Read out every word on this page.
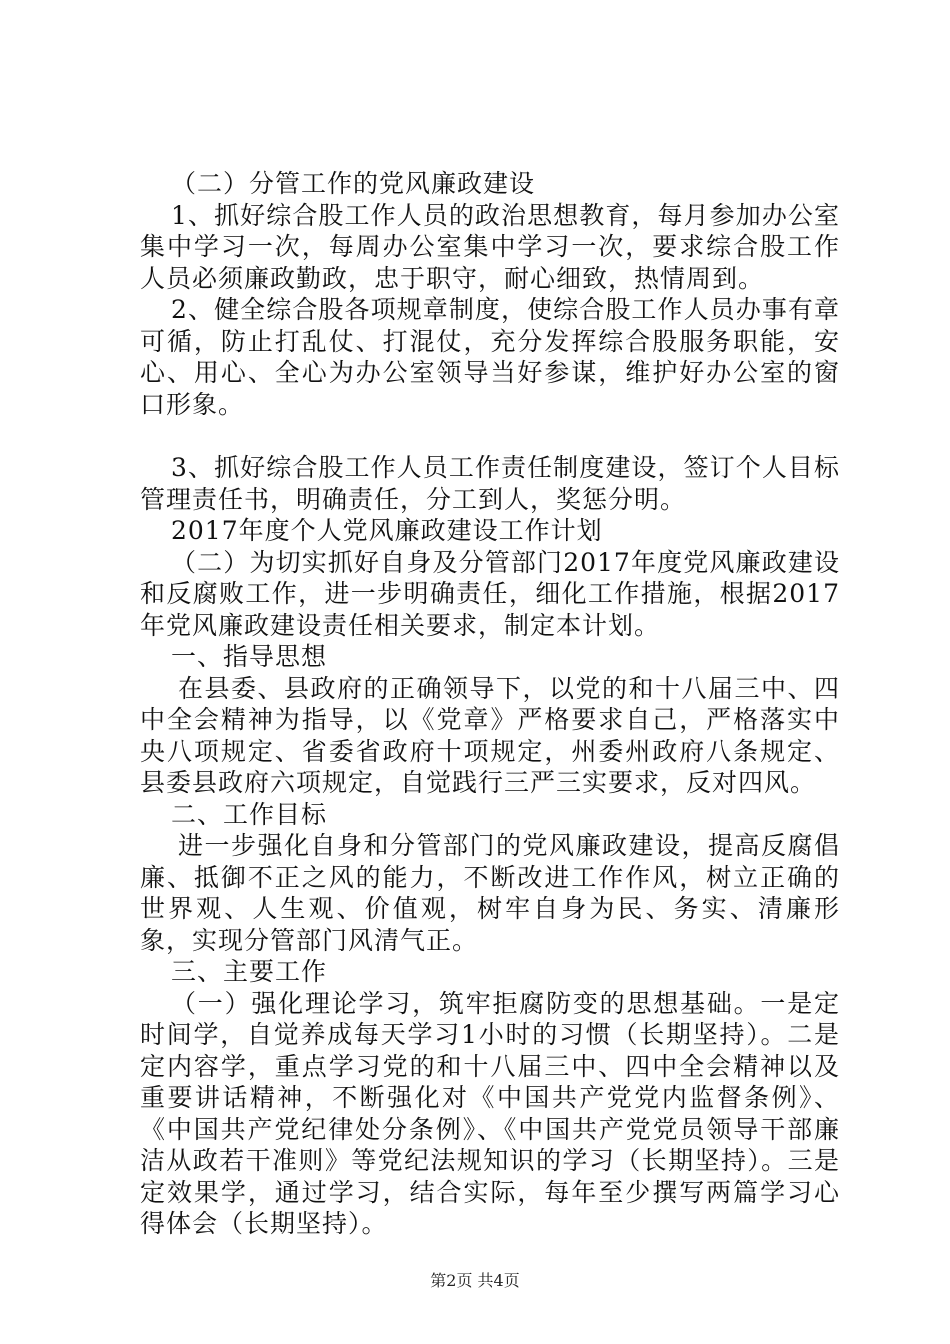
（二）分管工作的党风廉政建设

1、抓好综合股工作人员的政治思想教育，每月参加办公室集中学习一次，每周办公室集中学习一次，要求综合股工作人员必须廉政勤政，忠于职守，耐心细致，热情周到。

2、健全综合股各项规章制度，使综合股工作人员办事有章可循，防止打乱仗、打混仗，充分发挥综合股服务职能，安心、用心、全心为办公室领导当好参谋，维护好办公室的窗口形象。

3、抓好综合股工作人员工作责任制度建设，签订个人目标管理责任书，明确责任，分工到人，奖惩分明。

2017年度个人党风廉政建设工作计划

（二）为切实抓好自身及分管部门2017年度党风廉政建设和反腐败工作，进一步明确责任，细化工作措施，根据2017年党风廉政建设责任相关要求，制定本计划。

一、指导思想

在县委、县政府的正确领导下，以党的和十八届三中、四中全会精神为指导，以《党章》严格要求自己，严格落实中央八项规定、省委省政府十项规定，州委州政府八条规定、县委县政府六项规定，自觉践行三严三实要求，反对四风。

二、工作目标

进一步强化自身和分管部门的党风廉政建设，提高反腐倡廉、抵御不正之风的能力，不断改进工作作风，树立正确的世界观、人生观、价值观，树牢自身为民、务实、清廉形象，实现分管部门风清气正。

三、主要工作

（一）强化理论学习，筑牢拒腐防变的思想基础。一是定时间学，自觉养成每天学习1小时的习惯（长期坚持）。二是定内容学，重点学习党的和十八届三中、四中全会精神以及重要讲话精神，不断强化对《中国共产党党内监督条例》、《中国共产党纪律处分条例》、《中国共产党党员领导干部廉洁从政若干准则》等党纪法规知识的学习（长期坚持）。三是定效果学，通过学习，结合实际，每年至少撰写两篇学习心得体会（长期坚持）。

第2页 共4页
